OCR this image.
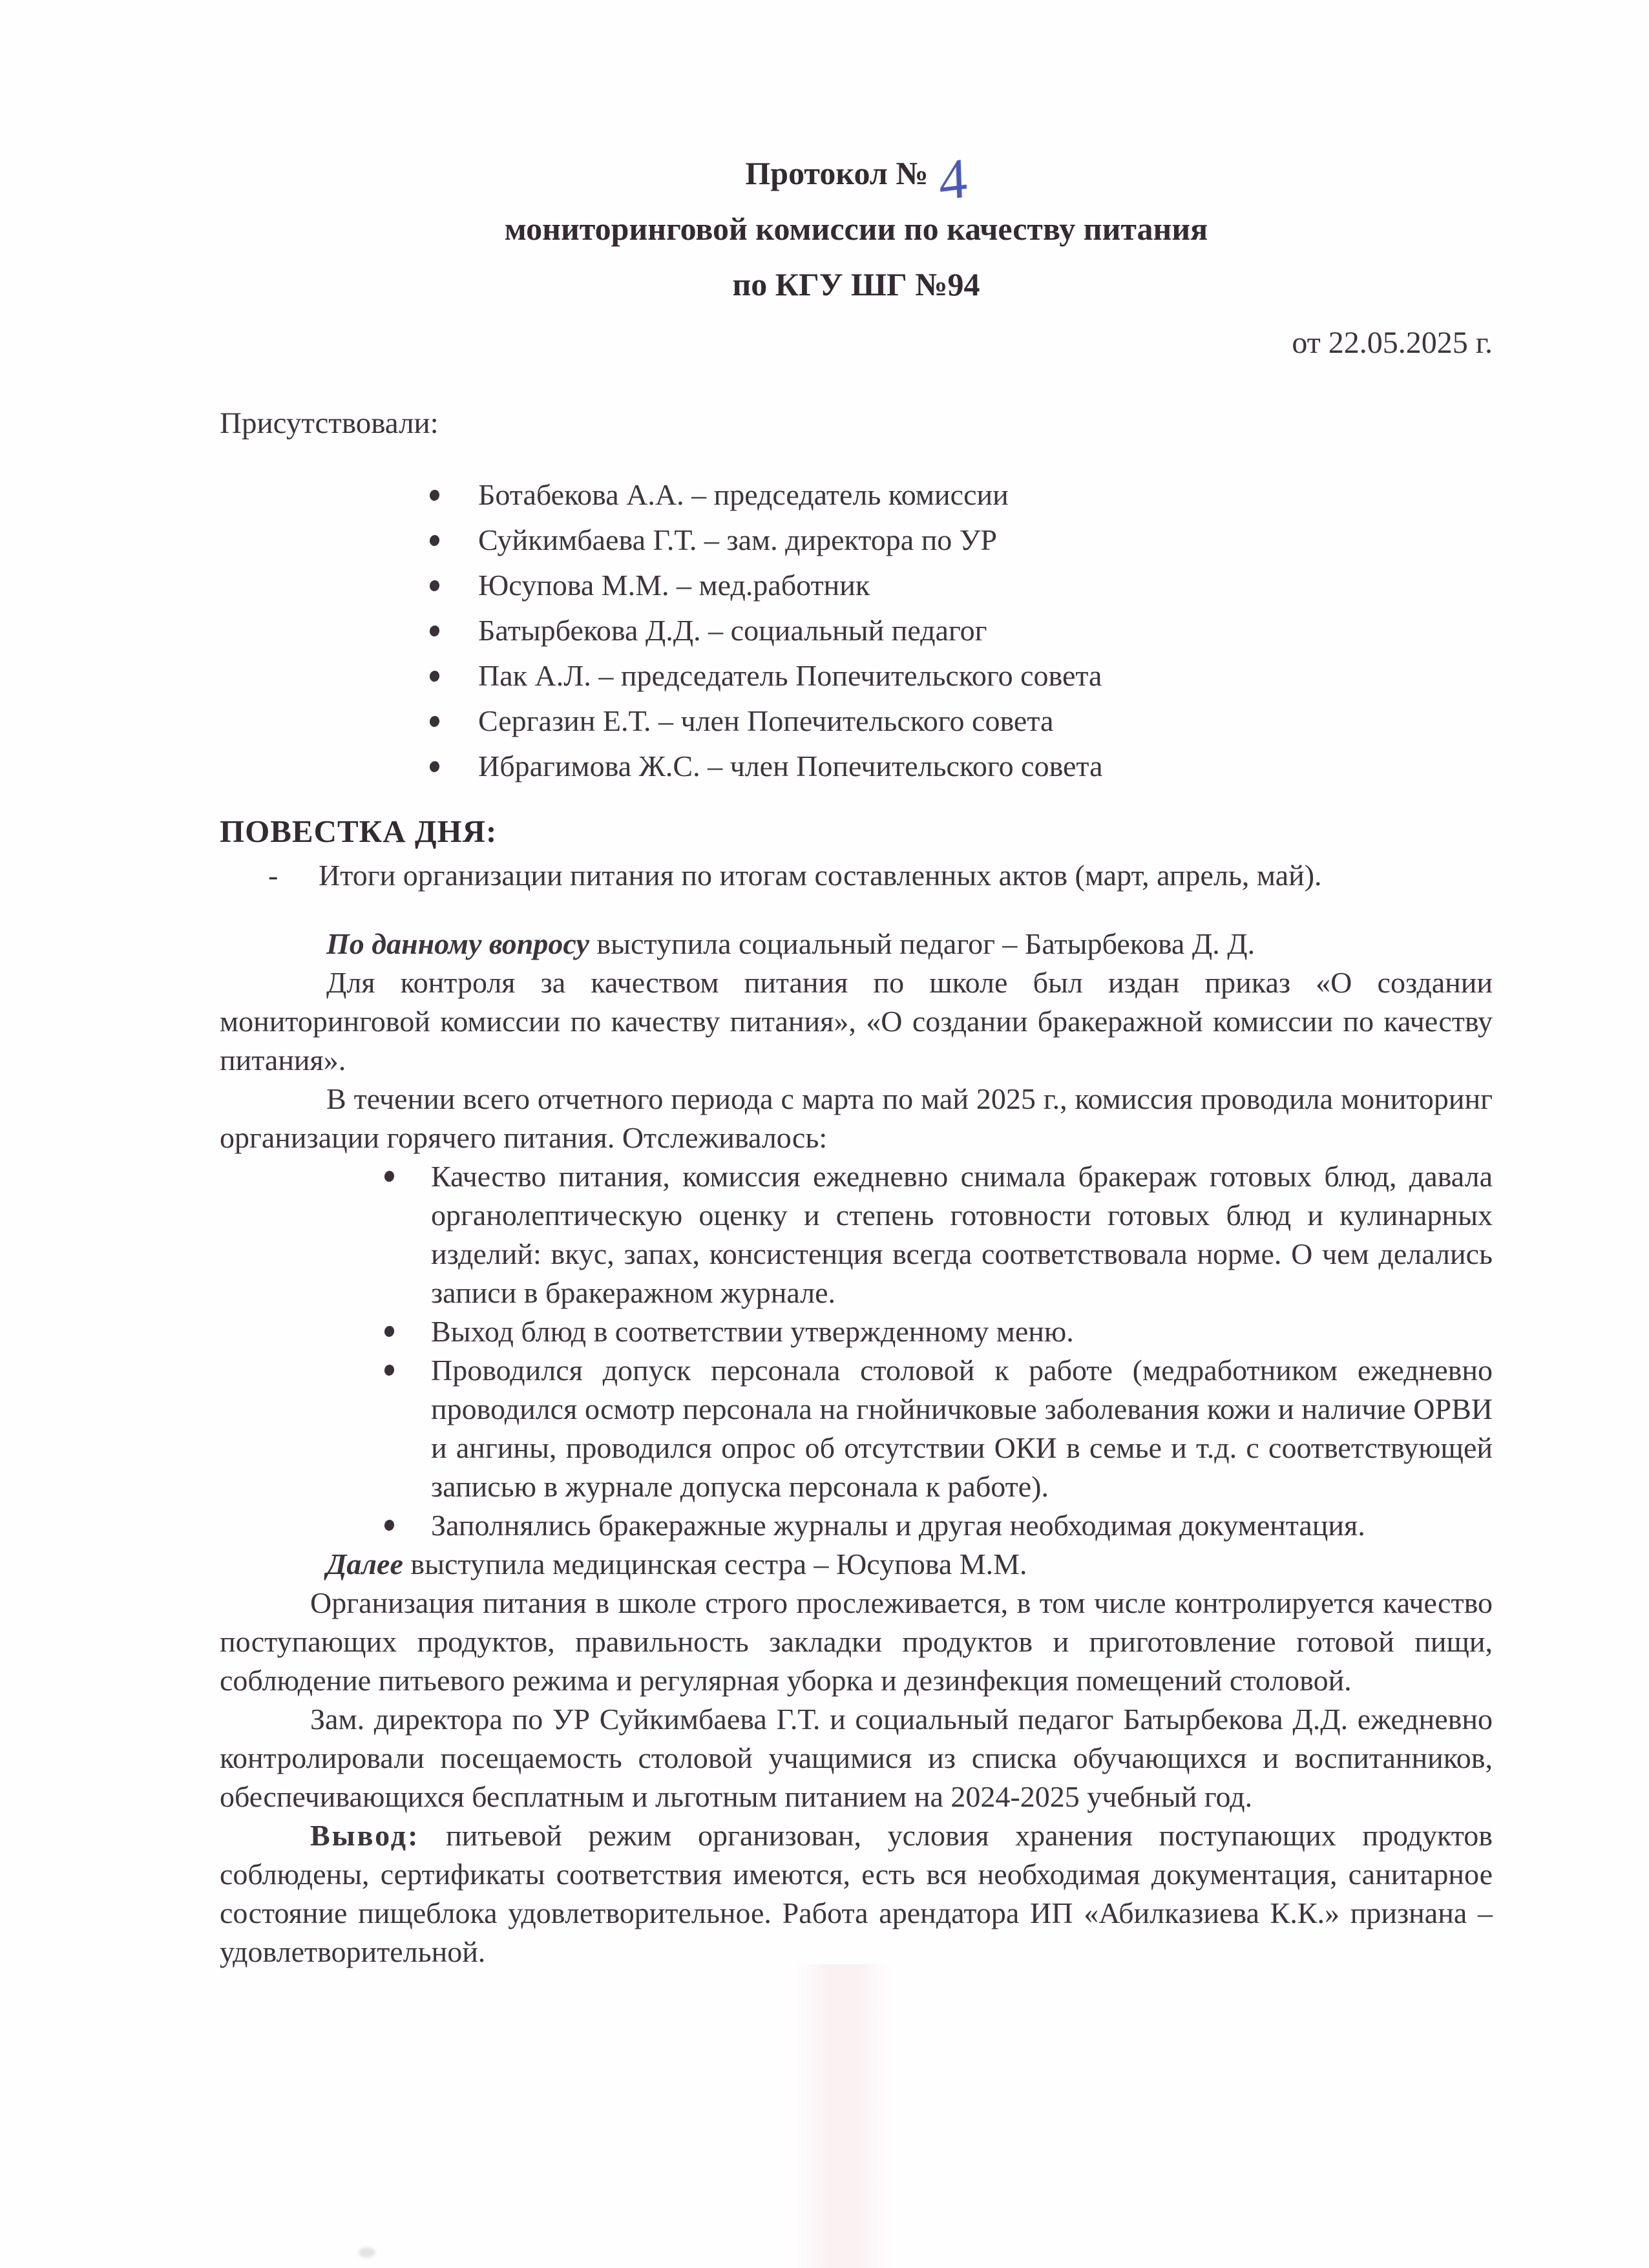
Протокол № 4
мониторинговой комиссии по качеству питания
по КГУ ШГ №94
от 22.05.2025 г.
Присутствовали:
Ботабекова А.А. – председатель комиссии
Суйкимбаева Г.Т. – зам. директора по УР
Юсупова М.М. – мед.работник
Батырбекова Д.Д. – социальный педагог
Пак А.Л. – председатель Попечительского совета
Сергазин Е.Т. – член Попечительского совета
Ибрагимова Ж.С. – член Попечительского совета
ПОВЕСТКА ДНЯ:
-	Итоги организации питания по итогам составленных актов (март, апрель, май).

По данному вопросу выступила социальный педагог – Батырбекова Д. Д.

Для контроля за качеством питания по школе был издан приказ «О создании мониторинговой комиссии по качеству питания», «О создании бракеражной комиссии по качеству питания».

В течении всего отчетного периода с марта по май 2025 г., комиссия проводила мониторинг организации горячего питания. Отслеживалось:

Качество питания, комиссия ежедневно снимала бракераж готовых блюд, давала органолептическую оценку и степень готовности готовых блюд и кулинарных изделий: вкус, запах, консистенция всегда соответствовала норме. О чем делались записи в бракеражном журнале.
Выход блюд в соответствии утвержденному меню.
Проводился допуск персонала столовой к работе (медработником ежедневно проводился осмотр персонала на гнойничковые заболевания кожи и наличие ОРВИ и ангины, проводился опрос об отсутствии ОКИ в семье и т.д. с соответствующей записью в журнале допуска персонала к работе).
Заполнялись бракеражные журналы и другая необходимая документация.

Далее выступила медицинская сестра – Юсупова М.М.

Организация питания в школе строго прослеживается, в том числе контролируется качество поступающих продуктов, правильность закладки продуктов и приготовление готовой пищи, соблюдение питьевого режима и регулярная уборка и дезинфекция помещений столовой.

Зам. директора по УР Суйкимбаева Г.Т. и социальный педагог Батырбекова Д.Д. ежедневно контролировали посещаемость столовой учащимися из списка обучающихся и воспитанников, обеспечивающихся бесплатным и льготным питанием на 2024-2025 учебный год.

Вывод: питьевой режим организован, условия хранения поступающих продуктов соблюдены, сертификаты соответствия имеются, есть вся необходимая документация, санитарное состояние пищеблока удовлетворительное. Работа арендатора ИП «Абилказиева К.К.» признана – удовлетворительной.
